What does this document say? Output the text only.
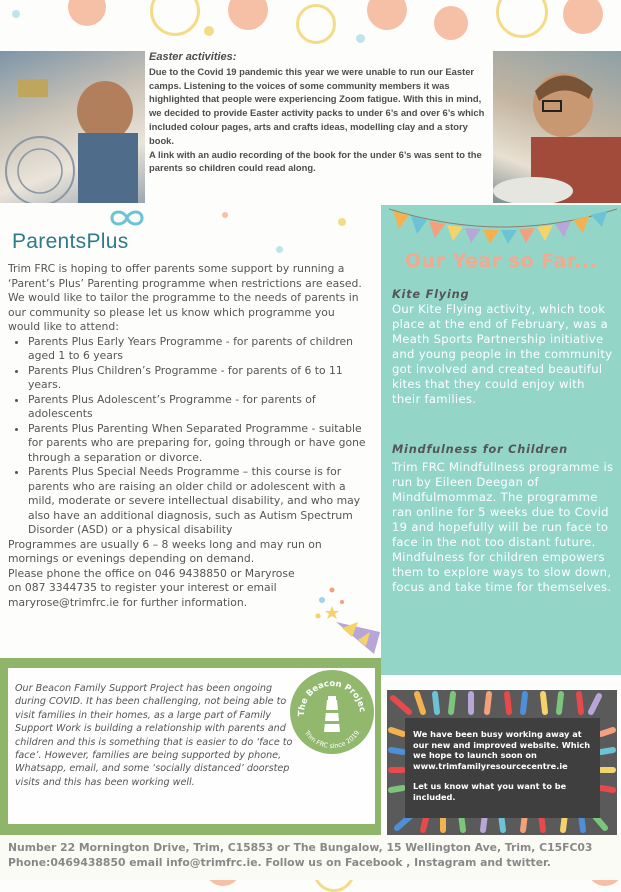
Easter activities:
Due to the Covid 19 pandemic this year we were unable to run our Easter camps. Listening to the voices of some community members it was highlighted that people were experiencing Zoom fatigue. With this in mind, we decided to provide Easter activity packs to under 6’s and over 6’s which included colour pages, arts and crafts ideas, modelling clay and a story book.
A link with an audio recording of the book for the under 6’s was sent to the parents so children could read along.
ParentsPlus
Trim FRC is hoping to offer parents some support by running a ‘Parent’s Plus’ Parenting programme when restrictions are eased. We would like to tailor the programme to the needs of parents in our community so please let us know which programme you would like to attend:
• Parents Plus Early Years Programme - for parents of children aged 1 to 6 years
• Parents Plus Children’s Programme - for parents of 6 to 11 years.
• Parents Plus Adolescent’s Programme - for parents of adolescents
• Parents Plus Parenting When Separated Programme - suitable for parents who are preparing for, going through or have gone through a separation or divorce.
• Parents Plus Special Needs Programme – this course is for parents who are raising an older child or adolescent with a mild, moderate or severe intellectual disability, and who may also have an additional diagnosis, such as Autism Spectrum Disorder (ASD) or a physical disability
Programmes are usually 6 – 8 weeks long and may run on mornings or evenings depending on demand.
Please phone the office on 046 9438850 or Maryrose on 087 3344735 to register your interest or email maryrose@trimfrc.ie for further information.
Our Year so Far...
Kite Flying
Our Kite Flying activity, which took place at the end of February, was a Meath Sports Partnership initiative and young people in the community got involved and created beautiful kites that they could enjoy with their families.
Mindfulness for Children
Trim FRC Mindfullness programme is run by Eileen Deegan of Mindfulmommaz. The programme ran online for 5 weeks due to Covid 19 and hopefully will be run face to face in the not too distant future.
Mindfulness for children empowers them to explore ways to slow down, focus and take time for themselves.
Our Beacon Family Support Project has been ongoing during COVID. It has been challenging, not being able to visit families in their homes, as a large part of Family Support Work is building a relationship with parents and children and this is something that is easier to do ‘face to face’. However, families are being supported by phone, Whatsapp, email, and some ‘socially distanced’ doorstep visits and this has been working well.
The Beacon Projec
Trim FRC since 2019	We have been busy working away at our new and improved website. Which we hope to launch soon on www.trimfamilyresourcecentre.ie
Let us know what you want to be included.
Number 22 Mornington Drive, Trim, C15853 or The Bungalow, 15 Wellington Ave, Trim, C15FC03
Phone:0469438850 email info@trimfrc.ie. Follow us on Facebook , Instagram and twitter.
